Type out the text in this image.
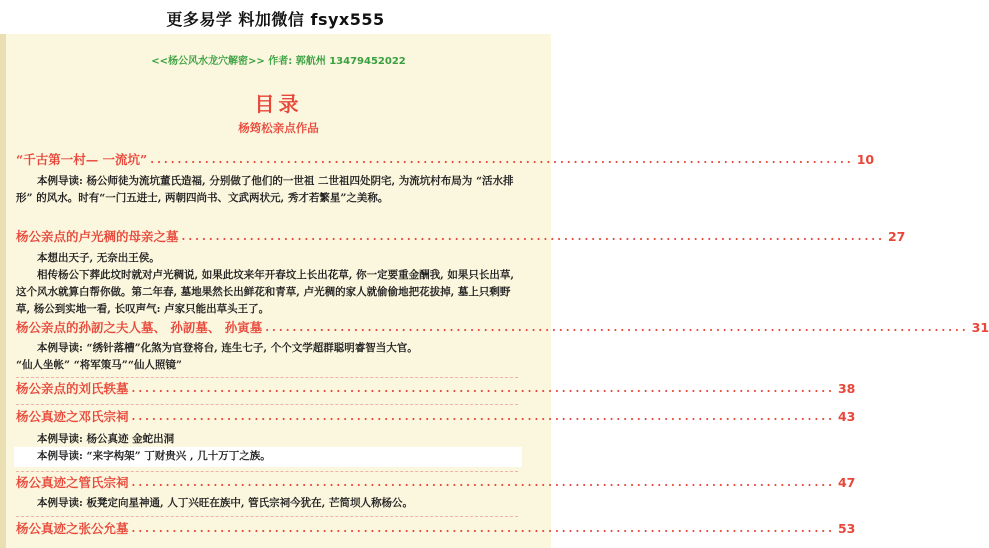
更多易学 料加微信 fsyx555
<<杨公风水龙穴解密>> 作者: 郭航州 13479452022
目录
杨筠松亲点作品
“千古第一村— 一流坑” ....................................................................................................... 10

本例导读: 杨公师徒为流坑董氏造福, 分别做了他们的一世祖 二世祖四处阴宅, 为流坑村布局为 “活水排形” 的风水。时有“一门五进士, 两朝四尚书、文武两状元, 秀才若繁星”之美称。

杨公亲点的卢光稠的母亲之墓 ....................................................................................................... 27

本想出天子, 无奈出王侯。

相传杨公下葬此坟时就对卢光稠说, 如果此坟来年开春坟上长出花草, 你一定要重金酬我, 如果只长出草, 这个风水就算白帮你做。第二年春, 墓地果然长出鲜花和青草, 卢光稠的家人就偷偷地把花拔掉, 墓上只剩野草, 杨公到实地一看, 长叹声气: 卢家只能出草头王了。

杨公亲点的孙訒之夫人墓、 孙訒墓、 孙寅墓 ....................................................................................................... 31

本例导读: “绣针落槽”化煞为官登将台, 连生七子, 个个文学超群聪明睿智当大官。

“仙人坐帐” “将军策马”“仙人照镜”

杨公亲点的刘氏轶墓 ....................................................................................................... 38
杨公真迹之邓氏宗祠 ....................................................................................................... 43

本例导读: 杨公真迹 金蛇出洞

本例导读: “来字构架” 丁财贵兴 , 几十万丁之族。

杨公真迹之管氏宗祠 ....................................................................................................... 47

本例导读: 板凳定向星神通, 人丁兴旺在族中, 管氏宗祠今犹在, 芒简坝人称杨公。

杨公真迹之张公允墓 ....................................................................................................... 53
